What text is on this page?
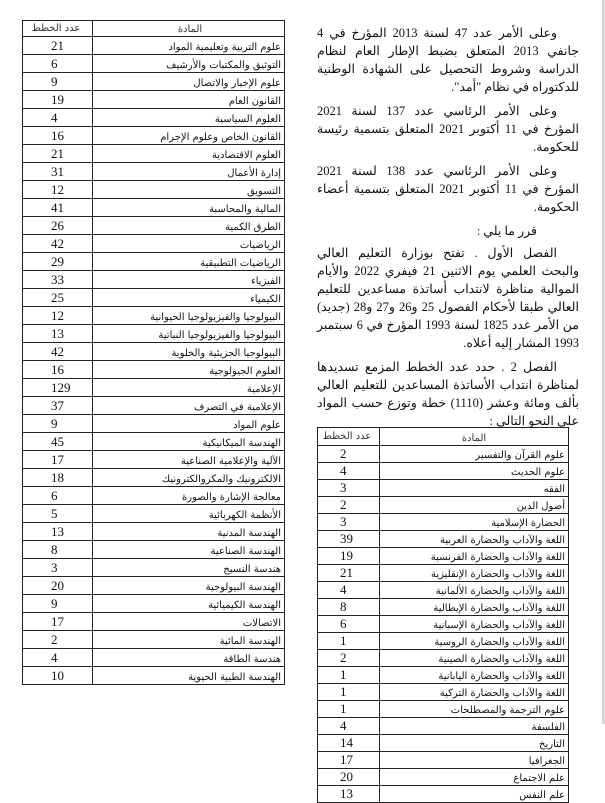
عدد الخطط	المادة
21	علوم التربية وتعليمية المواد
6	التوثيق والمكتبات والأرشيف
9	علوم الإخبار والاتصال
19	القانون العام
4	العلوم السياسية
16	القانون الخاص وعلوم الإجرام
21	العلوم الاقتصادية
31	إدارة الأعمال
12	التسويق
41	المالية والمحاسبة
26	الطرق الكمية
42	الرياضيات
29	الرياضيات التطبيقية
33	الفيزياء
25	الكيمياء
12	البيولوجيا والفيزيولوجيا الحيوانية
13	البيولوجيا والفيزيولوجيا النباتية
42	البيولوجيا الجزيئية والخلوية
16	العلوم الجيولوجية
129	الإعلامية
37	الإعلامية في التصرف
9	علوم المواد
45	الهندسة الميكانيكية
17	الآلية والإعلامية الصناعية
18	الالكترونيك والمكروالكترونيك
6	معالجة الإشارة والصورة
5	الأنظمة الكهربائية
13	الهندسة المدنية
8	الهندسة الصناعية
3	هندسة النسيج
20	الهندسة البيولوجية
9	الهندسة الكيميائية
17	الاتصالات
2	الهندسة المائية
4	هندسة الطاقة
10	الهندسة الطبية الحيوية

وعلى الأمر عدد 47 لسنة 2013 المؤرخ في 4 جانفي 2013 المتعلق بضبط الإطار العام لنظام الدراسة وشروط التحصيل على الشهادة الوطنية للدكتوراه في نظام "أمد".

وعلى الأمر الرئاسي عدد 137 لسنة 2021 المؤرخ في 11 أكتوبر 2021 المتعلق بتسمية رئيسة للحكومة.

وعلى الأمر الرئاسي عدد 138 لسنة 2021 المؤرخ في 11 أكتوبر 2021 المتعلق بتسمية أعضاء الحكومة.

قرر ما يلي :

الفصل الأول . تفتح بوزارة التعليم العالي والبحث العلمي يوم الاثنين 21 فيفري 2022 والأيام الموالية مناظرة لانتداب أساتذة مساعدين للتعليم العالي طبقا لأحكام الفصول 25 و26 و27 و28 (جديد) من الأمر عدد 1825 لسنة 1993 المؤرخ في 6 سبتمبر 1993 المشار إليه أعلاه.

الفصل 2 . حدد عدد الخطط المزمع تسديدها لمناظرة انتداب الأساتذة المساعدين للتعليم العالي بألف ومائة وعشر (1110) خطة وتوزع حسب المواد على النحو التالي :

عدد الخطط	المادة
2	علوم القرآن والتفسير
4	علوم الحديث
3	الفقه
2	أصول الدين
3	الحضارة الإسلامية
39	اللغة والآداب والحضارة العربية
19	اللغة والآداب والحضارة الفرنسية
21	اللغة والآداب والحضارة الإنقليزية
4	اللغة والآداب والحضارة الألمانية
8	اللغة والآداب والحضارة الإيطالية
6	اللغة والآداب والحضارة الإسبانية
1	اللغة والآداب والحضارة الروسية
2	اللغة والآداب والحضارة الصينية
1	اللغة والآداب والحضارة اليابانية
1	اللغة والآداب والحضارة التركية
1	علوم الترجمة والمصطلحات
4	الفلسفة
14	التاريخ
17	الجغرافيا
20	علم الاجتماع
13	علم النفس
